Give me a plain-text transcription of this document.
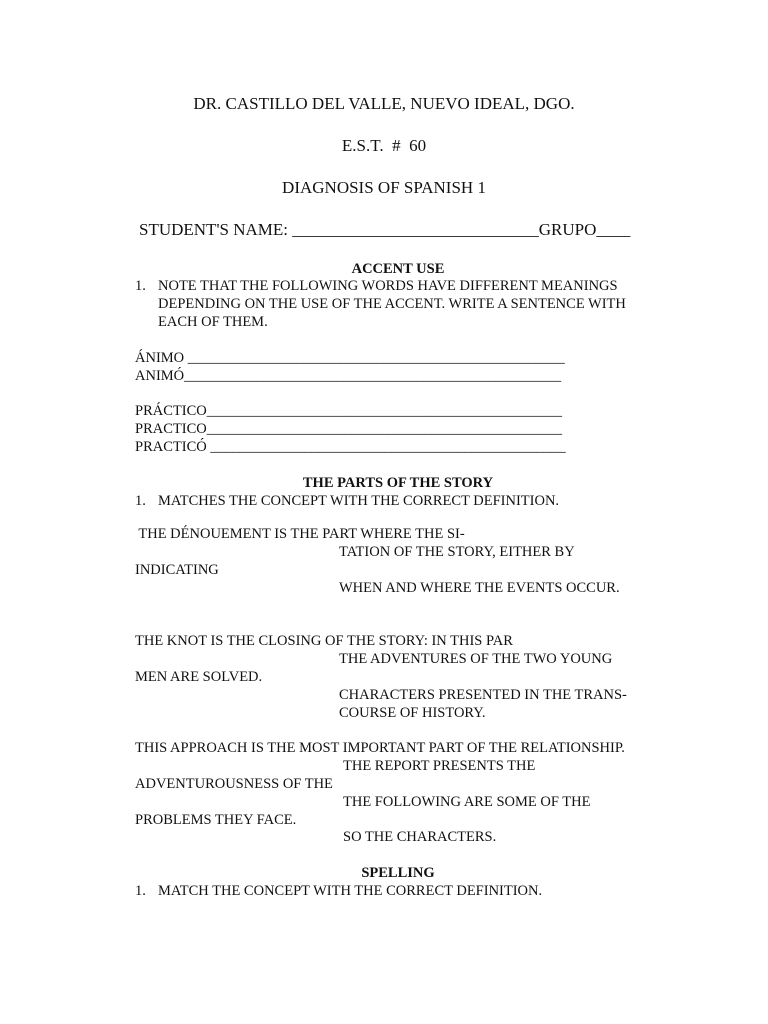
DR. CASTILLO DEL VALLE, NUEVO IDEAL, DGO.
E.S.T.  #  60
DIAGNOSIS OF SPANISH 1
STUDENT'S NAME: _____________________________GRUPO____
ACCENT USE
1. NOTE THAT THE FOLLOWING WORDS HAVE DIFFERENT MEANINGS
DEPENDING ON THE USE OF THE ACCENT. WRITE A SENTENCE WITH
EACH OF THEM.
ÁNIMO ____________________________________________________
ANIMÓ____________________________________________________
PRÁCTICO_________________________________________________
PRACTICO_________________________________________________
PRACTICÓ _________________________________________________
THE PARTS OF THE STORY
1. MATCHES THE CONCEPT WITH THE CORRECT DEFINITION.
THE DÉNOUEMENT IS THE PART WHERE THE SI-
TATION OF THE STORY, EITHER BY
INDICATING
WHEN AND WHERE THE EVENTS OCCUR.
THE KNOT IS THE CLOSING OF THE STORY: IN THIS PAR
THE ADVENTURES OF THE TWO YOUNG
MEN ARE SOLVED.
CHARACTERS PRESENTED IN THE TRANS-
COURSE OF HISTORY.
THIS APPROACH IS THE MOST IMPORTANT PART OF THE RELATIONSHIP.
THE REPORT PRESENTS THE
ADVENTUROUSNESS OF THE
THE FOLLOWING ARE SOME OF THE
PROBLEMS THEY FACE.
SO THE CHARACTERS.
SPELLING
1. MATCH THE CONCEPT WITH THE CORRECT DEFINITION.
